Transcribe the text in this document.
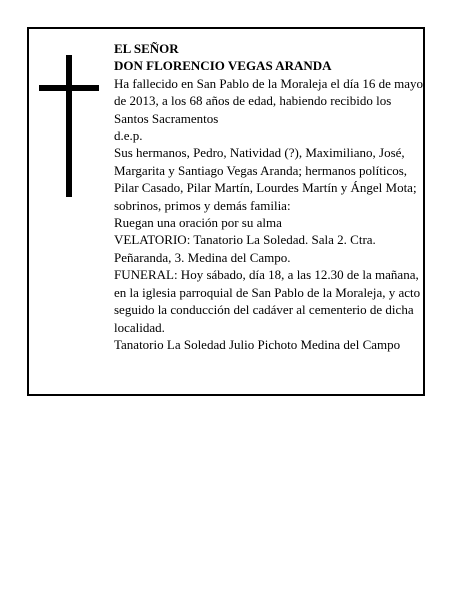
EL SEÑOR

DON FLORENCIO VEGAS ARANDA

Ha fallecido en San Pablo de la Moraleja el día 16 de mayo de 2013, a los 68 años de edad, habiendo recibido los Santos Sacramentos

d.e.p.

Sus hermanos, Pedro, Natividad (?), Maximiliano, José, Margarita y Santiago Vegas Aranda; hermanos políticos, Pilar Casado, Pilar Martín, Lourdes Martín y Ángel Mota; sobrinos, primos y demás familia:

Ruegan una oración por su alma

VELATORIO: Tanatorio La Soledad. Sala 2. Ctra. Peñaranda, 3. Medina del Campo.

FUNERAL: Hoy sábado, día 18, a las 12.30 de la mañana, en la iglesia parroquial de San Pablo de la Moraleja, y acto seguido la conducción del cadáver al cementerio de dicha localidad.

Tanatorio La Soledad Julio Pichoto Medina del Campo
